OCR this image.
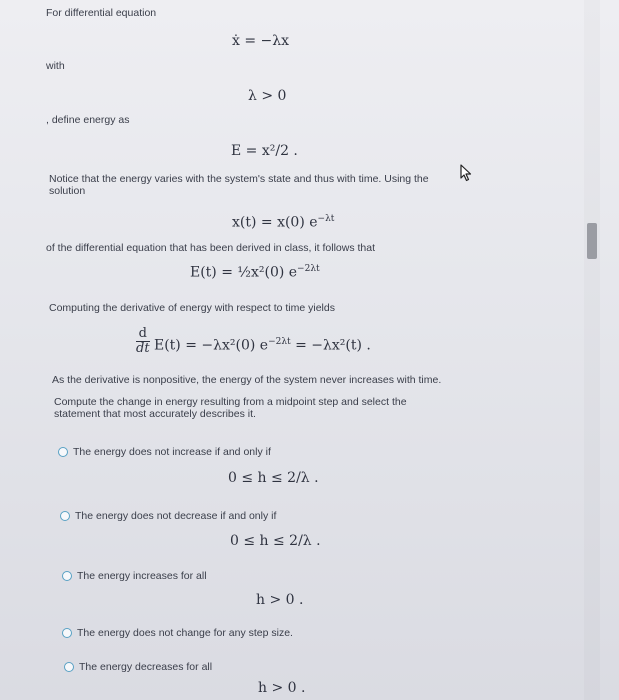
For differential equation
ẋ = −λx
with
λ > 0
, define energy as
E = x²/2 .
Notice that the energy varies with the system's state and thus with time. Using the
solution
x(t) = x(0) $e^{-\lambda t}$
of the differential equation that has been derived in class, it follows that
E(t) = ½x²(0) $e^{-2\lambda t}$
Computing the derivative of energy with respect to time yields
$\frac{d}{dt} E(t) = -\lambda x^2(0) e^{-2\lambda t} = -\lambda x^2(t)$ .
As the derivative is nonpositive, the energy of the system never increases with time.
Compute the change in energy resulting from a midpoint step and select the
statement that most accurately describes it.
The energy does not increase if and only if
0 ≤ h ≤ 2/λ .
The energy does not decrease if and only if
0 ≤ h ≤ 2/λ .
The energy increases for all
h > 0 .
The energy does not change for any step size.
The energy decreases for all
h > 0 .
